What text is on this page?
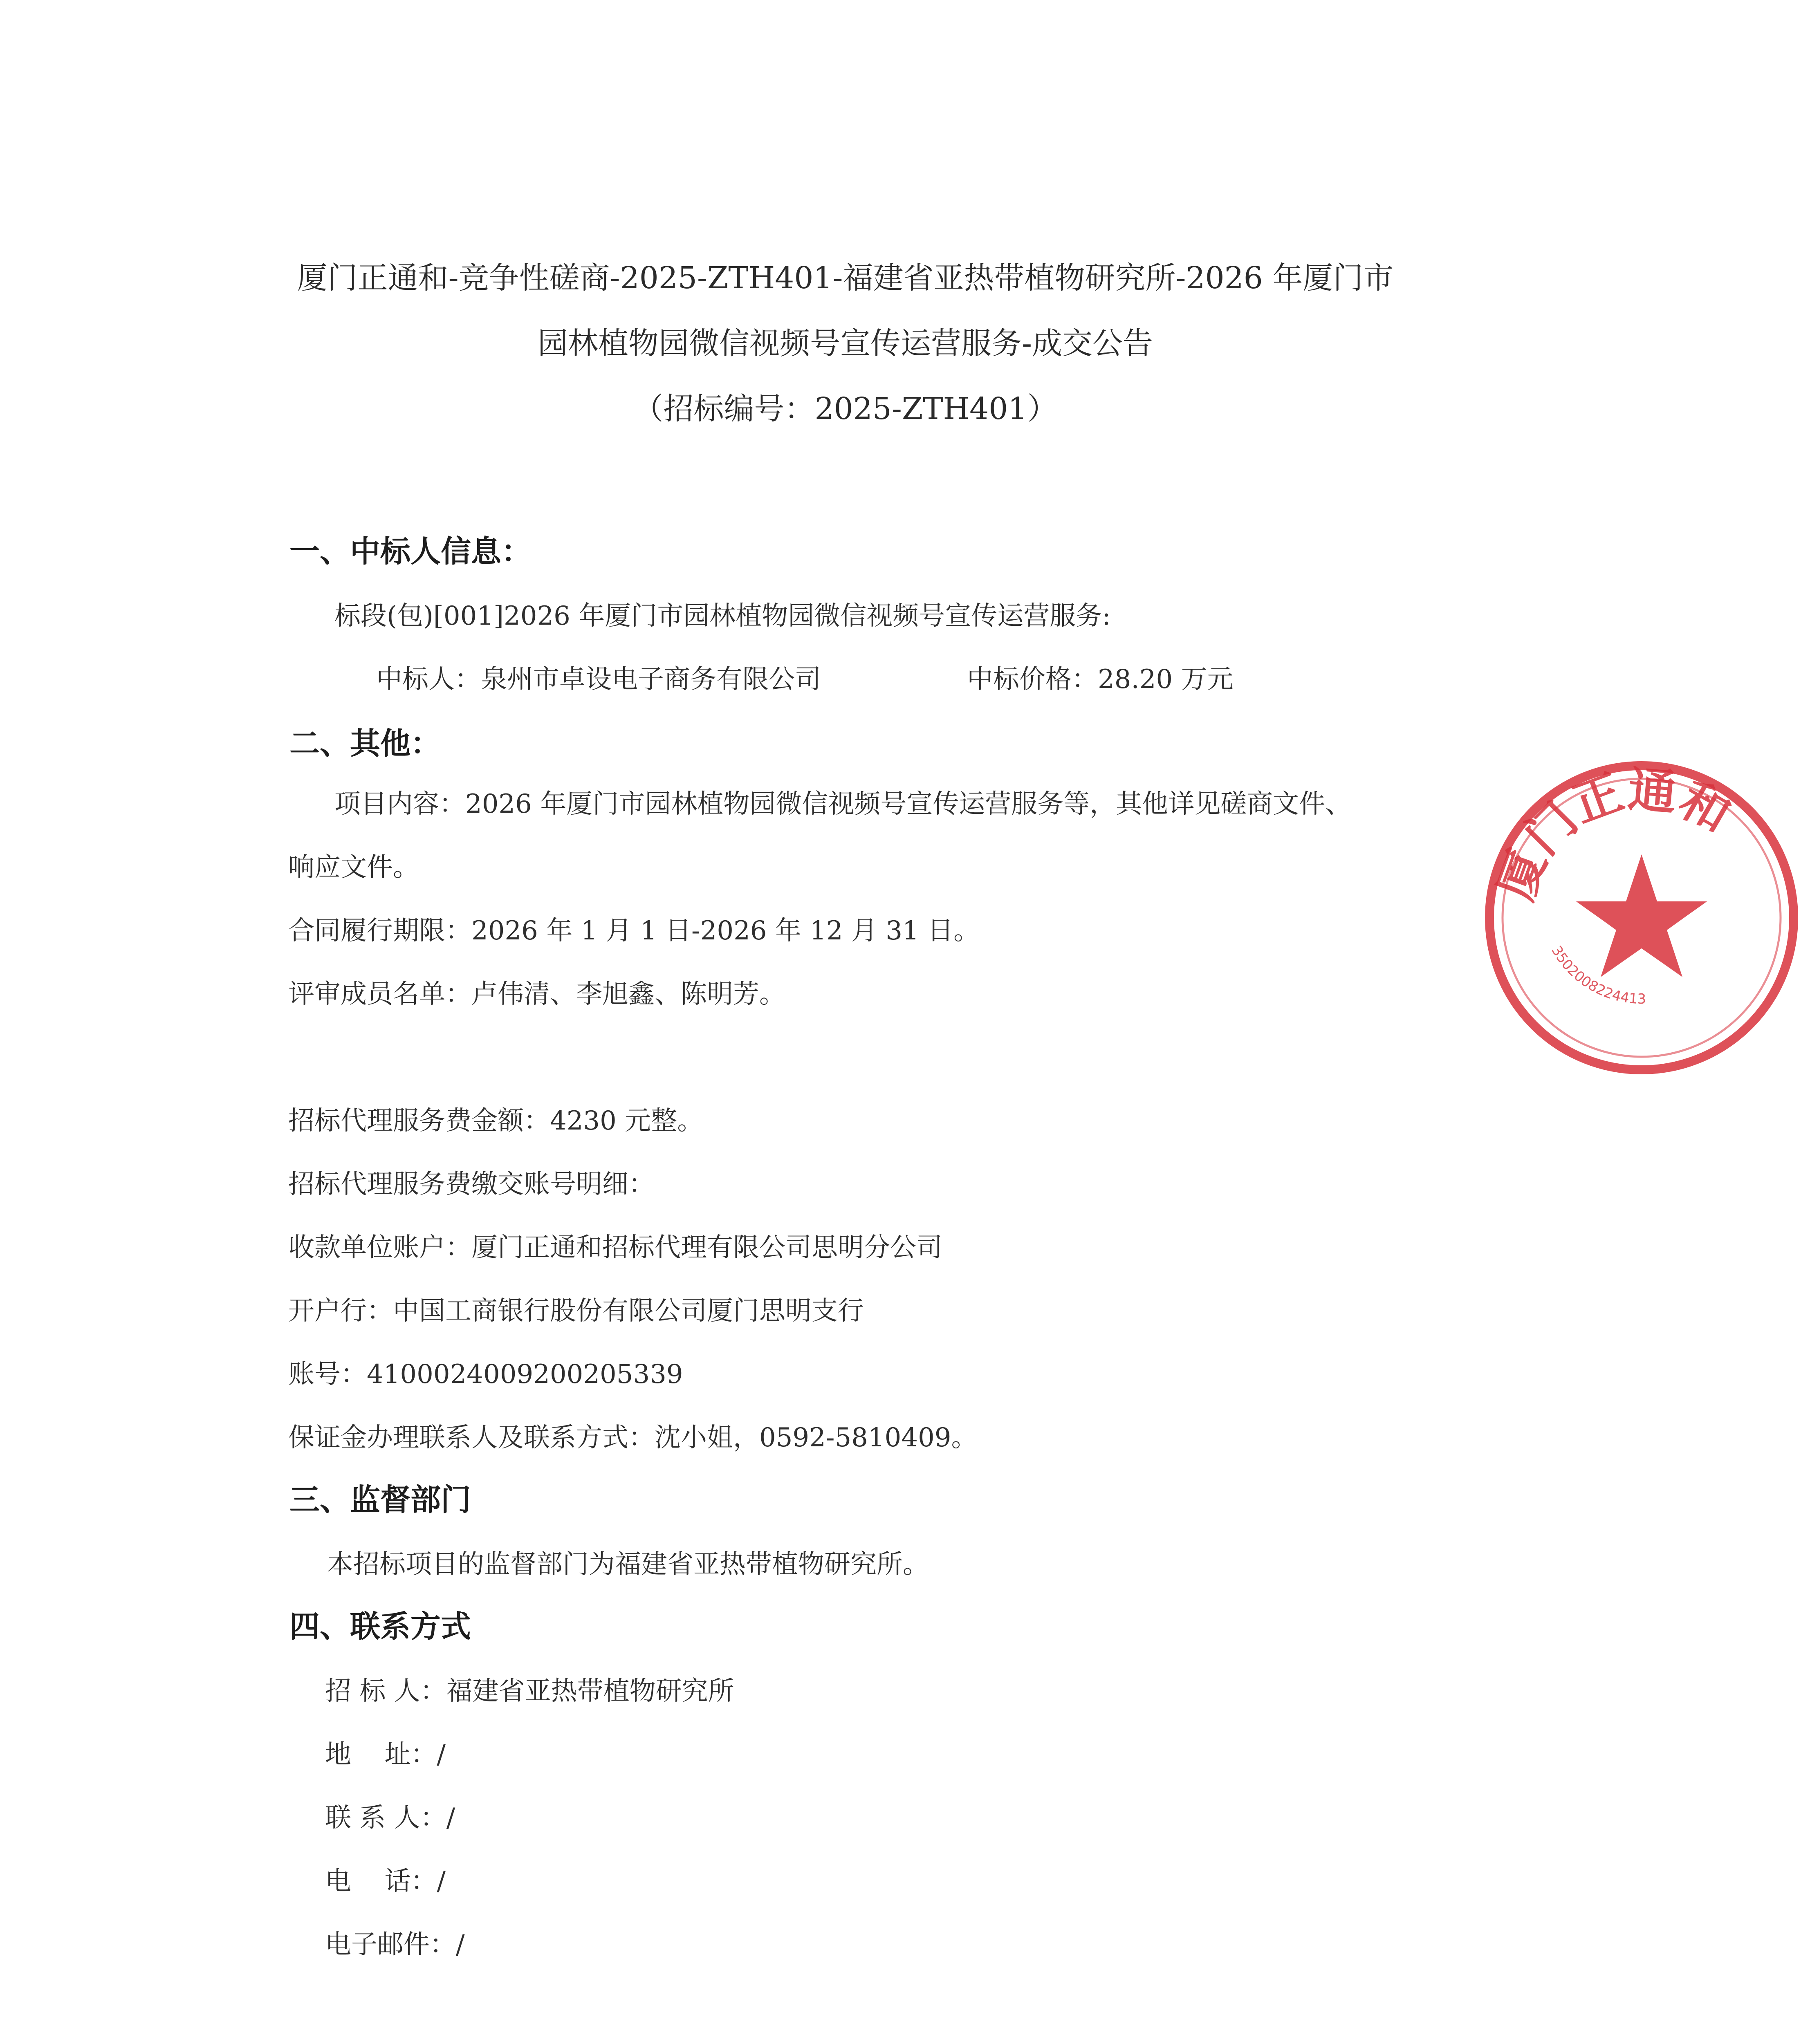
厦门正通和-竞争性磋商-2025-ZTH401-福建省亚热带植物研究所-2026 年厦门市
园林植物园微信视频号宣传运营服务-成交公告
（招标编号：2025-ZTH401）
一、中标人信息：
标段(包)[001]2026 年厦门市园林植物园微信视频号宣传运营服务:
中标人：泉州市卓设电子商务有限公司	中标价格：28.20 万元
二、其他：
项目内容：2026 年厦门市园林植物园微信视频号宣传运营服务等，其他详见磋商文件、
响应文件。
合同履行期限：2026 年 1 月 1 日-2026 年 12 月 31 日。
评审成员名单：卢伟清、李旭鑫、陈明芳。
招标代理服务费金额：4230 元整。
招标代理服务费缴交账号明细：
收款单位账户：厦门正通和招标代理有限公司思明分公司
开户行：中国工商银行股份有限公司厦门思明支行
账号：4100024009200205339
保证金办理联系人及联系方式：沈小姐，0592-5810409。
三、监督部门
本招标项目的监督部门为福建省亚热带植物研究所。
四、联系方式
招 标 人：福建省亚热带植物研究所
地    址：/
联 系 人：/
电    话：/
电子邮件：/
厦门正通和
3502008224413
